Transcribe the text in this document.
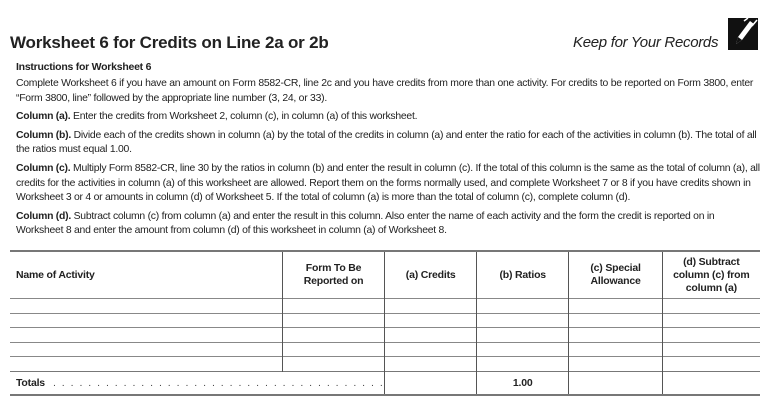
Worksheet 6 for Credits on Line 2a or 2b	Keep for Your Records
Instructions for Worksheet 6

Complete Worksheet 6 if you have an amount on Form 8582-CR, line 2c and you have credits from more than one activity. For credits to be reported on Form 3800, enter “Form 3800, line” followed by the appropriate line number (3, 24, or 33).

Column (a). Enter the credits from Worksheet 2, column (c), in column (a) of this worksheet.

Column (b). Divide each of the credits shown in column (a) by the total of the credits in column (a) and enter the ratio for each of the activities in column (b). The total of all the ratios must equal 1.00.

Column (c). Multiply Form 8582-CR, line 30 by the ratios in column (b) and enter the result in column (c). If the total of this column is the same as the total of column (a), all credits for the activities in column (a) of this worksheet are allowed. Report them on the forms normally used, and complete Worksheet 7 or 8 if you have credits shown in Worksheet 3 or 4 or amounts in column (d) of Worksheet 5. If the total of column (a) is more than the total of column (c), complete column (d).

Column (d). Subtract column (c) from column (a) and enter the result in this column. Also enter the name of each activity and the form the credit is reported on in Worksheet 8 and enter the amount from column (d) of this worksheet in column (a) of Worksheet 8.

Name of Activity	Form To Be Reported on	(a) Credits	(b) Ratios	(c) Special Allowance	(d) Subtract column (c) from column (a)

Totals . . . . . . . . . . . . . . . . . . . . . . . . . . . . . . . . . . . . . .			1.00		
